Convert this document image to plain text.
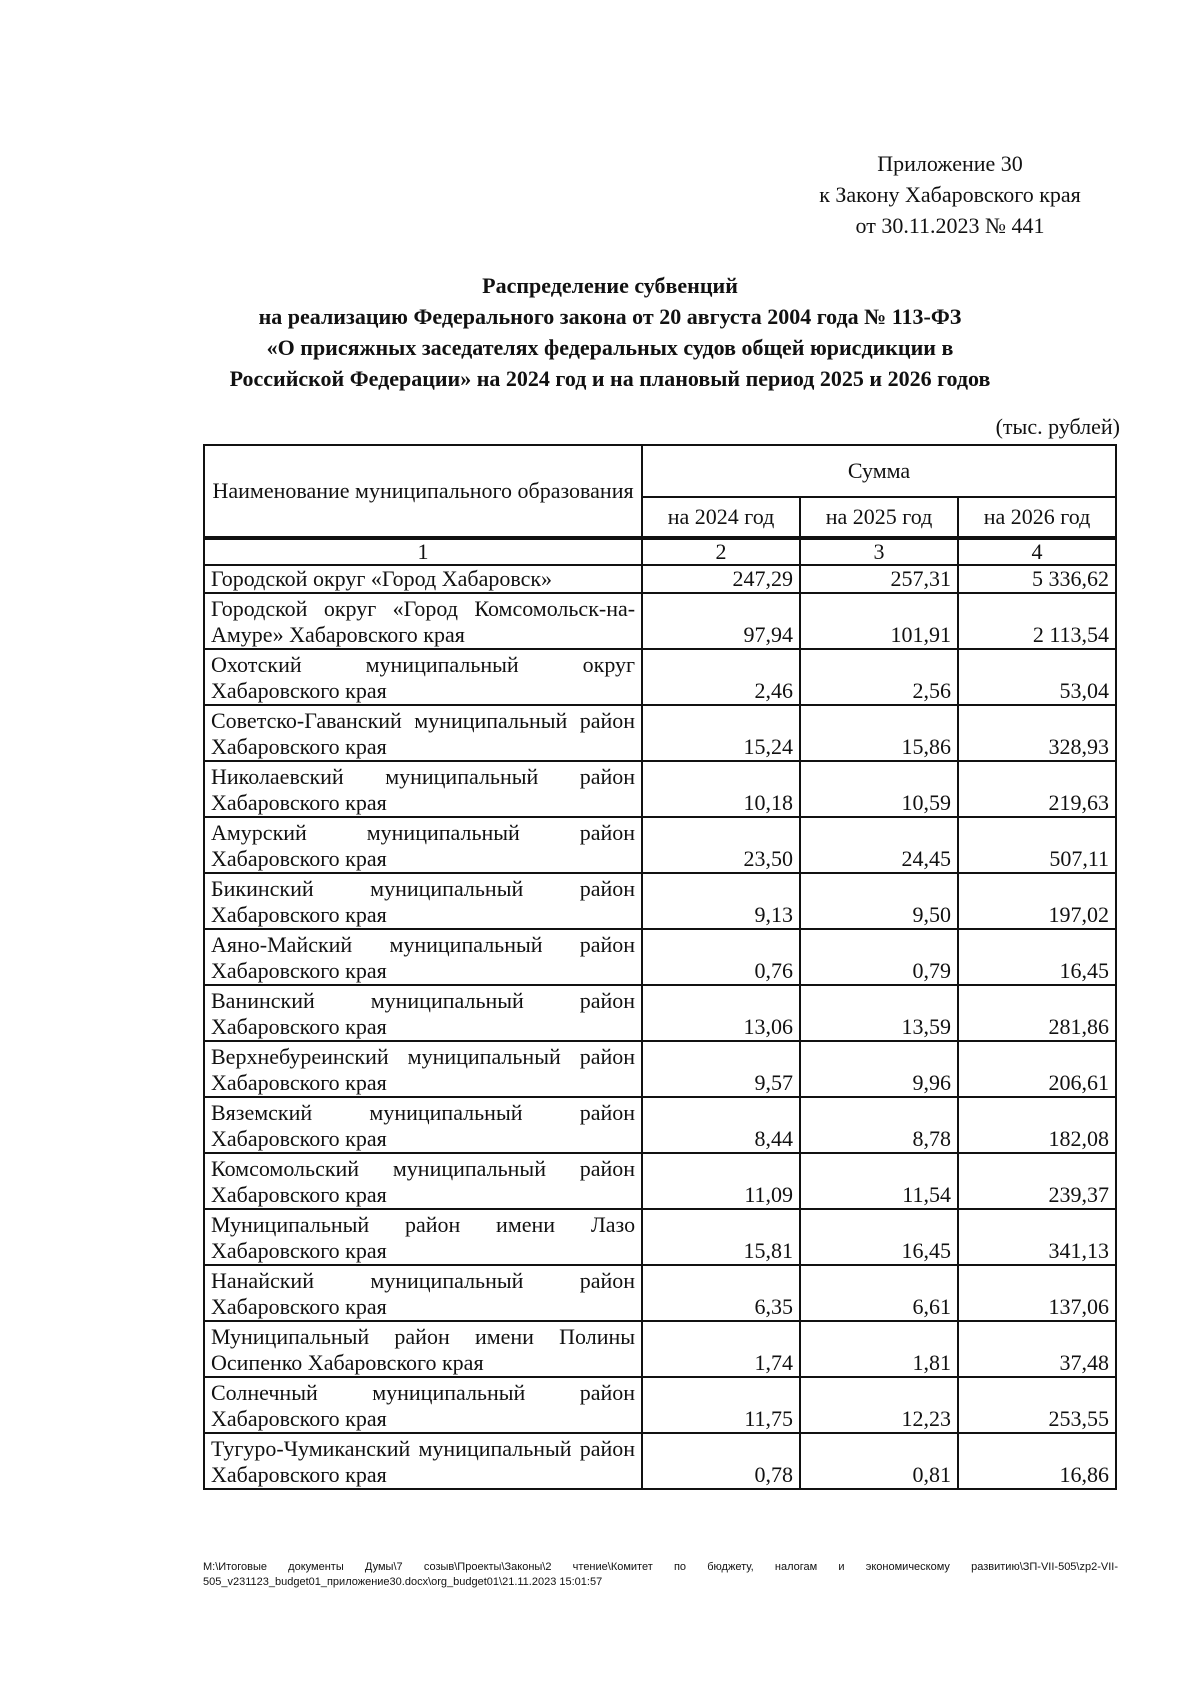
Приложение 30
к Закону Хабаровского края
от 30.11.2023 № 441
Распределение субвенций
на реализацию Федерального закона от 20 августа 2004 года № 113-ФЗ
«О присяжных заседателях федеральных судов общей юрисдикции в
Российской Федерации» на 2024 год и на плановый период 2025 и 2026 годов
(тыс. рублей)
Наименование муниципального образования	Сумма		
	на 2024 год	на 2025 год	на 2026 год
1	2	3	4
Городской округ «Город Хабаровск»	247,29	257,31	5 336,62
Городской округ «Город Комсомольск-на-Амуре» Хабаровского края	97,94	101,91	2 113,54
Охотский муниципальный округ Хабаровского края	2,46	2,56	53,04
Советско-Гаванский муниципальный район Хабаровского края	15,24	15,86	328,93
Николаевский муниципальный район Хабаровского края	10,18	10,59	219,63
Амурский муниципальный район Хабаровского края	23,50	24,45	507,11
Бикинский муниципальный район Хабаровского края	9,13	9,50	197,02
Аяно-Майский муниципальный район Хабаровского края	0,76	0,79	16,45
Ванинский муниципальный район Хабаровского края	13,06	13,59	281,86
Верхнебуреинский муниципальный район Хабаровского края	9,57	9,96	206,61
Вяземский муниципальный район Хабаровского края	8,44	8,78	182,08
Комсомольский муниципальный район Хабаровского края	11,09	11,54	239,37
Муниципальный район имени Лазо Хабаровского края	15,81	16,45	341,13
Нанайский муниципальный район Хабаровского края	6,35	6,61	137,06
Муниципальный район имени Полины Осипенко Хабаровского края	1,74	1,81	37,48
Солнечный муниципальный район Хабаровского края	11,75	12,23	253,55
Тугуро-Чумиканский муниципальный район Хабаровского края	0,78	0,81	16,86
M:\Итоговые документы Думы\7 созыв\Проекты\Законы\2 чтение\Комитет по бюджету, налогам и экономическому развитию\ЗП-VII-505\zp2-VII-505_v231123_budget01_приложение30.docx\org_budget01\21.11.2023 15:01:57
